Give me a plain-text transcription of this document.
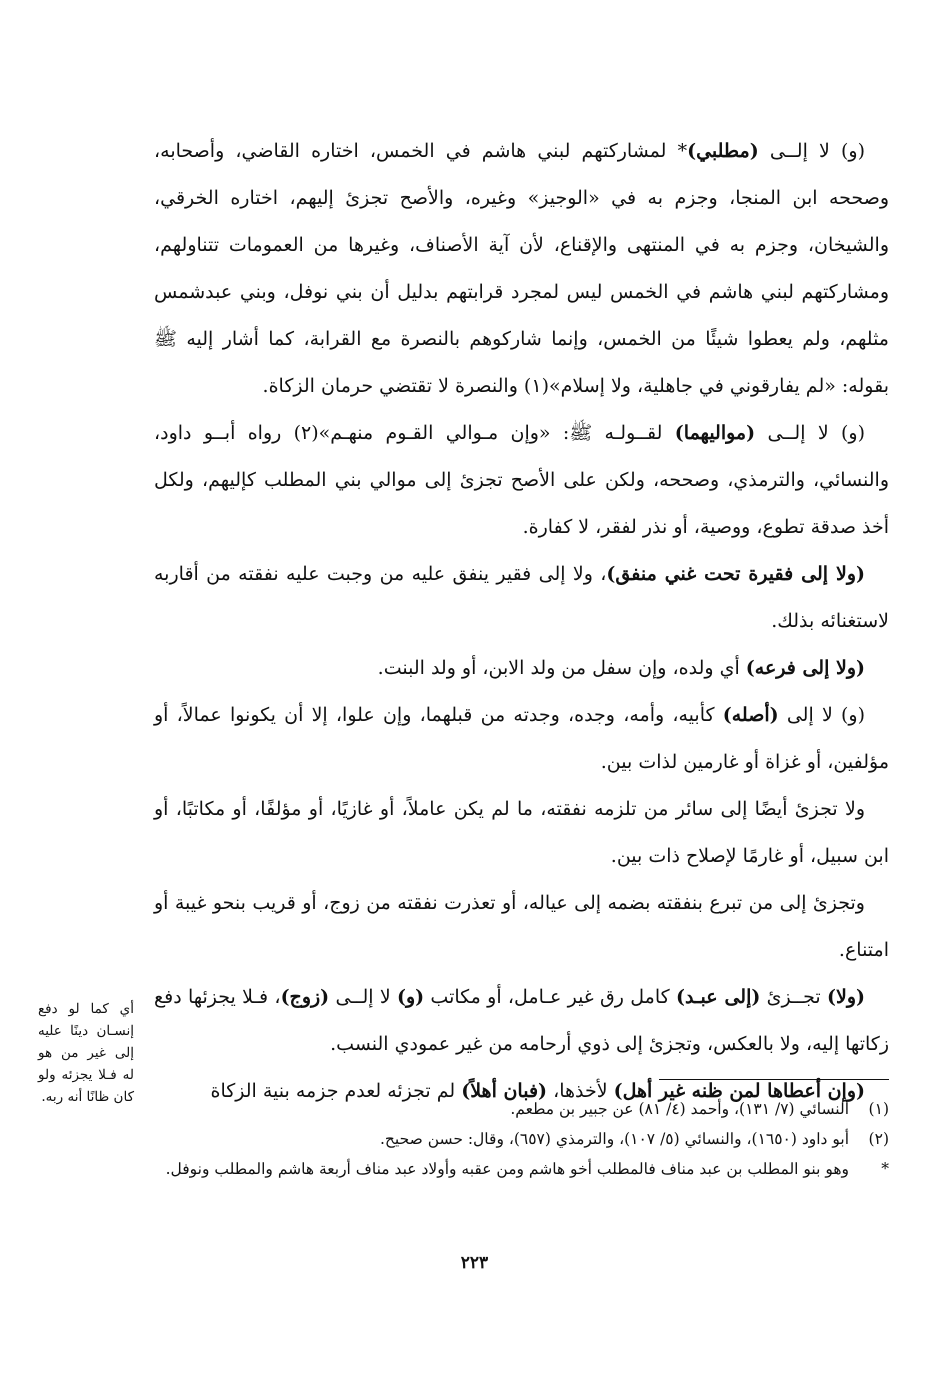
(و) لا إلــى (مطلبي)* لمشاركتهم لبني هاشم في الخمس، اختاره القاضي، وأصحابه، وصححه ابن المنجا، وجزم به في «الوجيز» وغيره، والأصح تجزئ إليهم، اختاره الخرقي، والشيخان، وجزم به في المنتهى والإقناع، لأن آية الأصناف، وغيرها من العمومات تتناولهم، ومشاركتهم لبني هاشم في الخمس ليس لمجرد قرابتهم بدليل أن بني نوفل، وبني عبدشمس مثلهم، ولم يعطوا شيئًا من الخمس، وإنما شاركوهم بالنصرة مع القرابة، كما أشار إليه ﷺ بقوله: «لم يفارقوني في جاهلية، ولا إسلام»(١) والنصرة لا تقتضي حرمان الزكاة.

(و) لا إلــى (مواليهما) لقــولـه ﷺ: «وإن مـوالي القـوم منهـم»(٢) رواه أبــو داود، والنسائي، والترمذي، وصححه، ولكن على الأصح تجزئ إلى موالي بني المطلب كإليهم، ولكل أخذ صدقة تطوع، ووصية، أو نذر لفقر، لا كفارة.

(ولا إلى فقيرة تحت غني منفق)، ولا إلى فقير ينفق عليه من وجبت عليه نفقته من أقاربه لاستغنائه بذلك.

(ولا إلى فرعه) أي ولده، وإن سفل من ولد الابن، أو ولد البنت.

(و) لا إلى (أصله) كأبيه، وأمه، وجده، وجدته من قبلهما، وإن علوا، إلا أن يكونوا عمالاً، أو مؤلفين، أو غزاة أو غارمين لذات بين.

ولا تجزئ أيضًا إلى سائر من تلزمه نفقته، ما لم يكن عاملاً، أو غازيًا، أو مؤلفًا، أو مكاتبًا، أو ابن سبيل، أو غارمًا لإصلاح ذات بين.

وتجزئ إلى من تبرع بنفقته بضمه إلى عياله، أو تعذرت نفقته من زوج، أو قريب بنحو غيبة أو امتناع.

(ولا) تجــزئ (إلى عبـد) كامل رق غير عـامل، أو مكاتب (و) لا إلــى (زوج)، فـلا يجزئها دفع زكاتها إليه، ولا بالعكس، وتجزئ إلى ذوي أرحامه من غير عمودي النسب.

(وإن أعطاها لمن ظنه غير أهل) لأخذها، (فبان أهلاً) لم تجزئه لعدم جزمه بنية الزكاة

(١)
النسائي (٧/ ١٣١)، وأحمد (٤/ ٨١) عن جبير بن مطعم.
(٢)
أبو داود (١٦٥٠)، والنسائي (٥/ ١٠٧)، والترمذي (٦٥٧)، وقال: حسن صحيح.
*
وهو بنو المطلب بن عبد مناف فالمطلب أخو هاشم ومن عقبه وأولاد عبد مناف أربعة هاشم والمطلب ونوفل.
أي كما لو دفع إنسـان دينًا عليه إلى غير من هو له فـلا يجزئه ولو كان ظانًا أنه ربه.
٢٢٣
